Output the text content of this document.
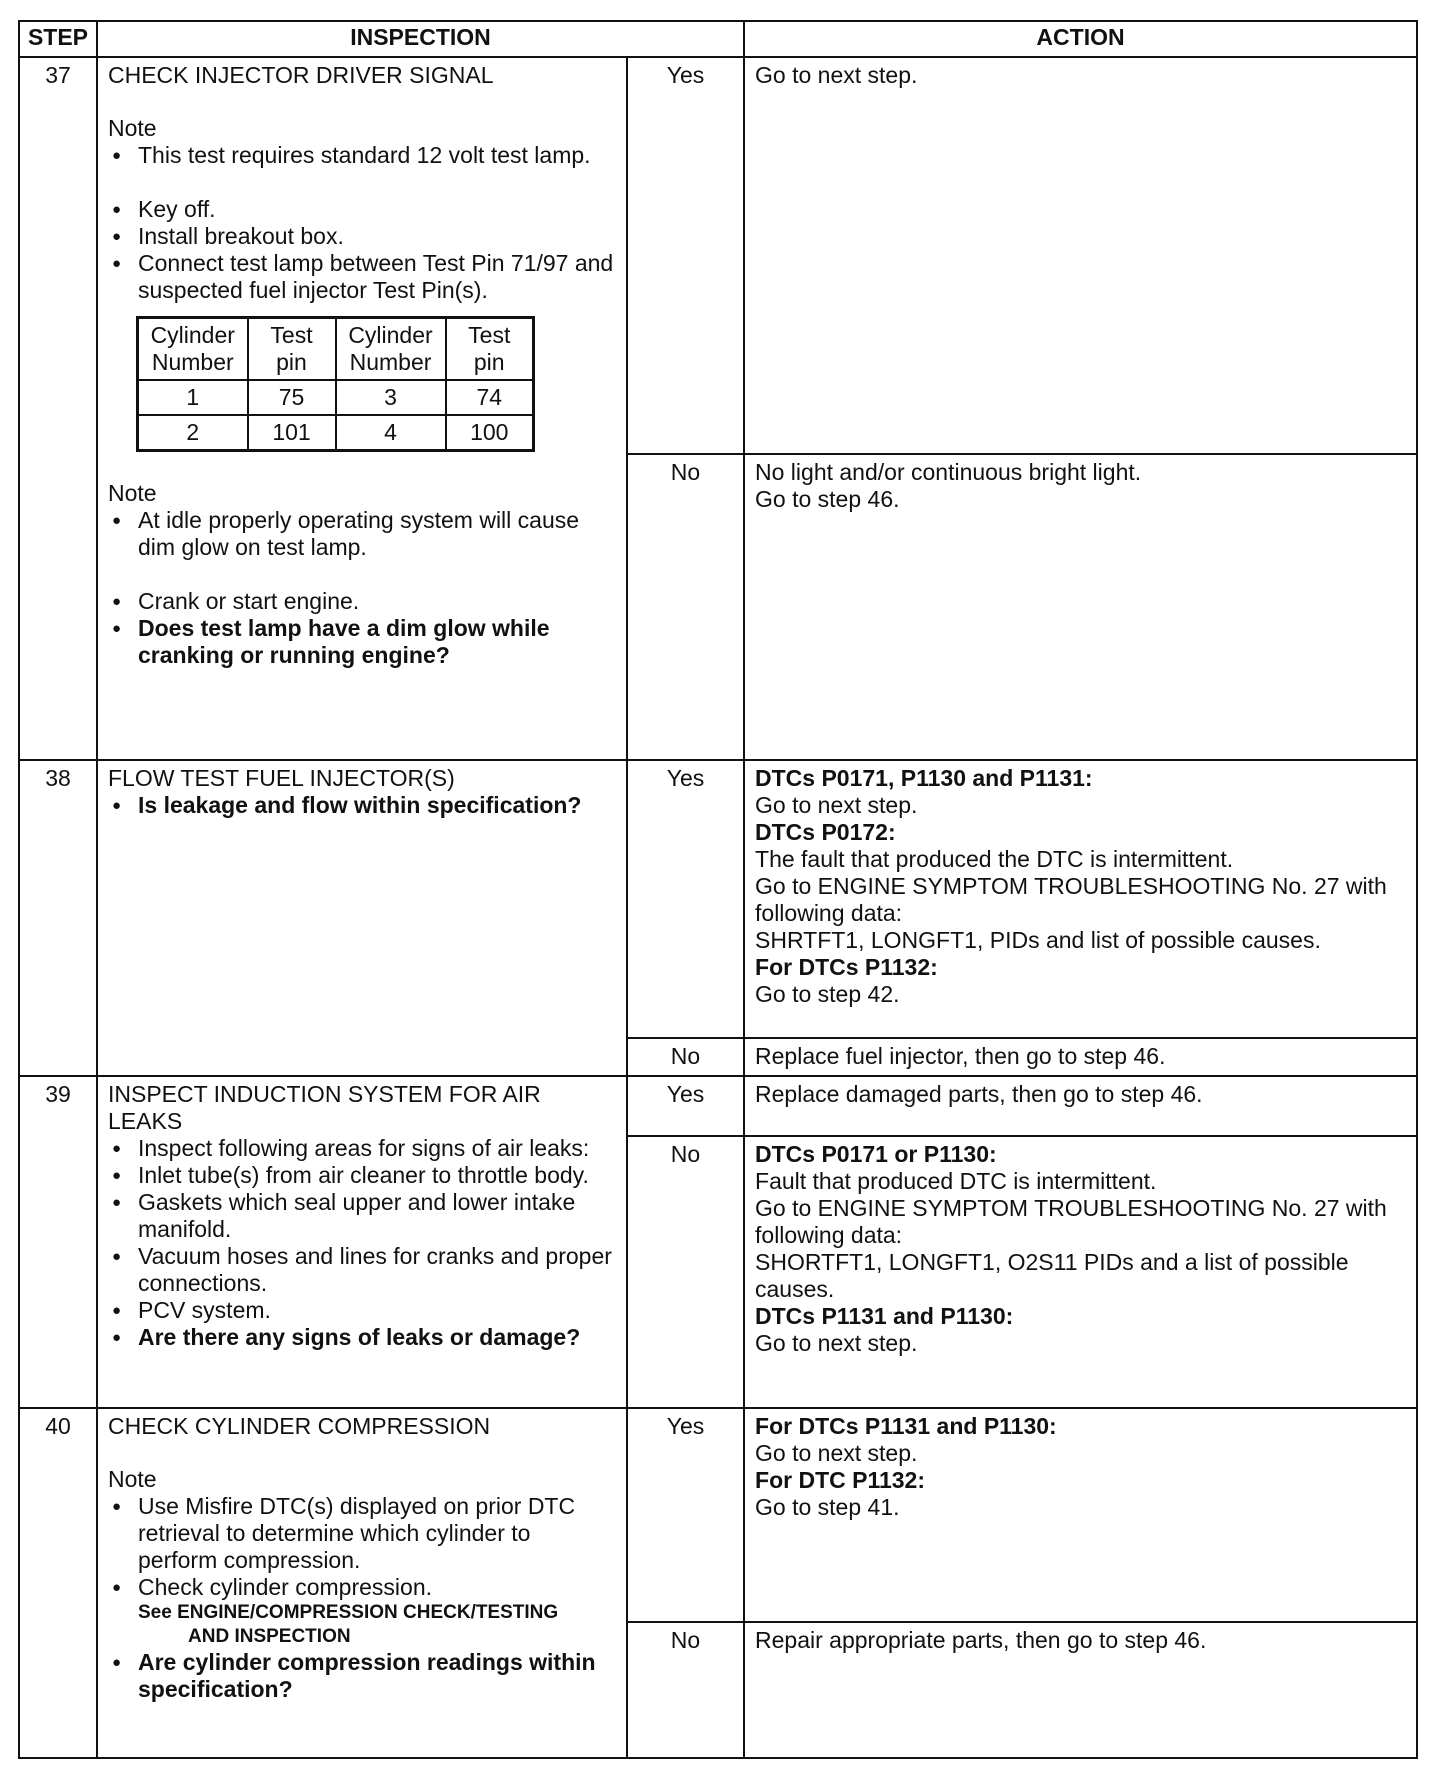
STEP	INSPECTION	ACTION
37	CHECK INJECTOR DRIVER SIGNAL
Note
● This test requires standard 12 volt test lamp.
● Key off.
● Install breakout box.
● Connect test lamp between Test Pin 71/97 and suspected fuel injector Test Pin(s).
Cylinder Number	Test pin	Cylinder Number	Test pin
1	75	3	74
2	101	4	100
Note
● At idle properly operating system will cause dim glow on test lamp.
● Crank or start engine.
● Does test lamp have a dim glow while cranking or running engine?
	Yes	Go to next step.

No	No light and/or continuous bright light.
Go to step 46.

38	FLOW TEST FUEL INJECTOR(S)
● Is leakage and flow within specification?
	Yes	DTCs P0171, P1130 and P1131:
Go to next step.
DTCs P0172:
The fault that produced the DTC is intermittent.
Go to ENGINE SYMPTOM TROUBLESHOOTING No. 27 with following data:
SHRTFT1, LONGFT1, PIDs and list of possible causes.
For DTCs P1132:
Go to step 42.

No	Replace fuel injector, then go to step 46.

39	INSPECT INDUCTION SYSTEM FOR AIR LEAKS
● Inspect following areas for signs of air leaks:
● Inlet tube(s) from air cleaner to throttle body.
● Gaskets which seal upper and lower intake manifold.
● Vacuum hoses and lines for cranks and proper connections.
● PCV system.
● Are there any signs of leaks or damage?
	Yes	Replace damaged parts, then go to step 46.

No	DTCs P0171 or P1130:
Fault that produced DTC is intermittent.
Go to ENGINE SYMPTOM TROUBLESHOOTING No. 27 with following data:
SHORTFT1, LONGFT1, O2S11 PIDs and a list of possible causes.
DTCs P1131 and P1130:
Go to next step.

40	CHECK CYLINDER COMPRESSION
Note
● Use Misfire DTC(s) displayed on prior DTC retrieval to determine which cylinder to perform compression.
● Check cylinder compression.
See ENGINE/COMPRESSION CHECK/TESTING
AND INSPECTION
● Are cylinder compression readings within specification?
	Yes	For DTCs P1131 and P1130:
Go to next step.
For DTC P1132:
Go to step 41.

No	Repair appropriate parts, then go to step 46.
